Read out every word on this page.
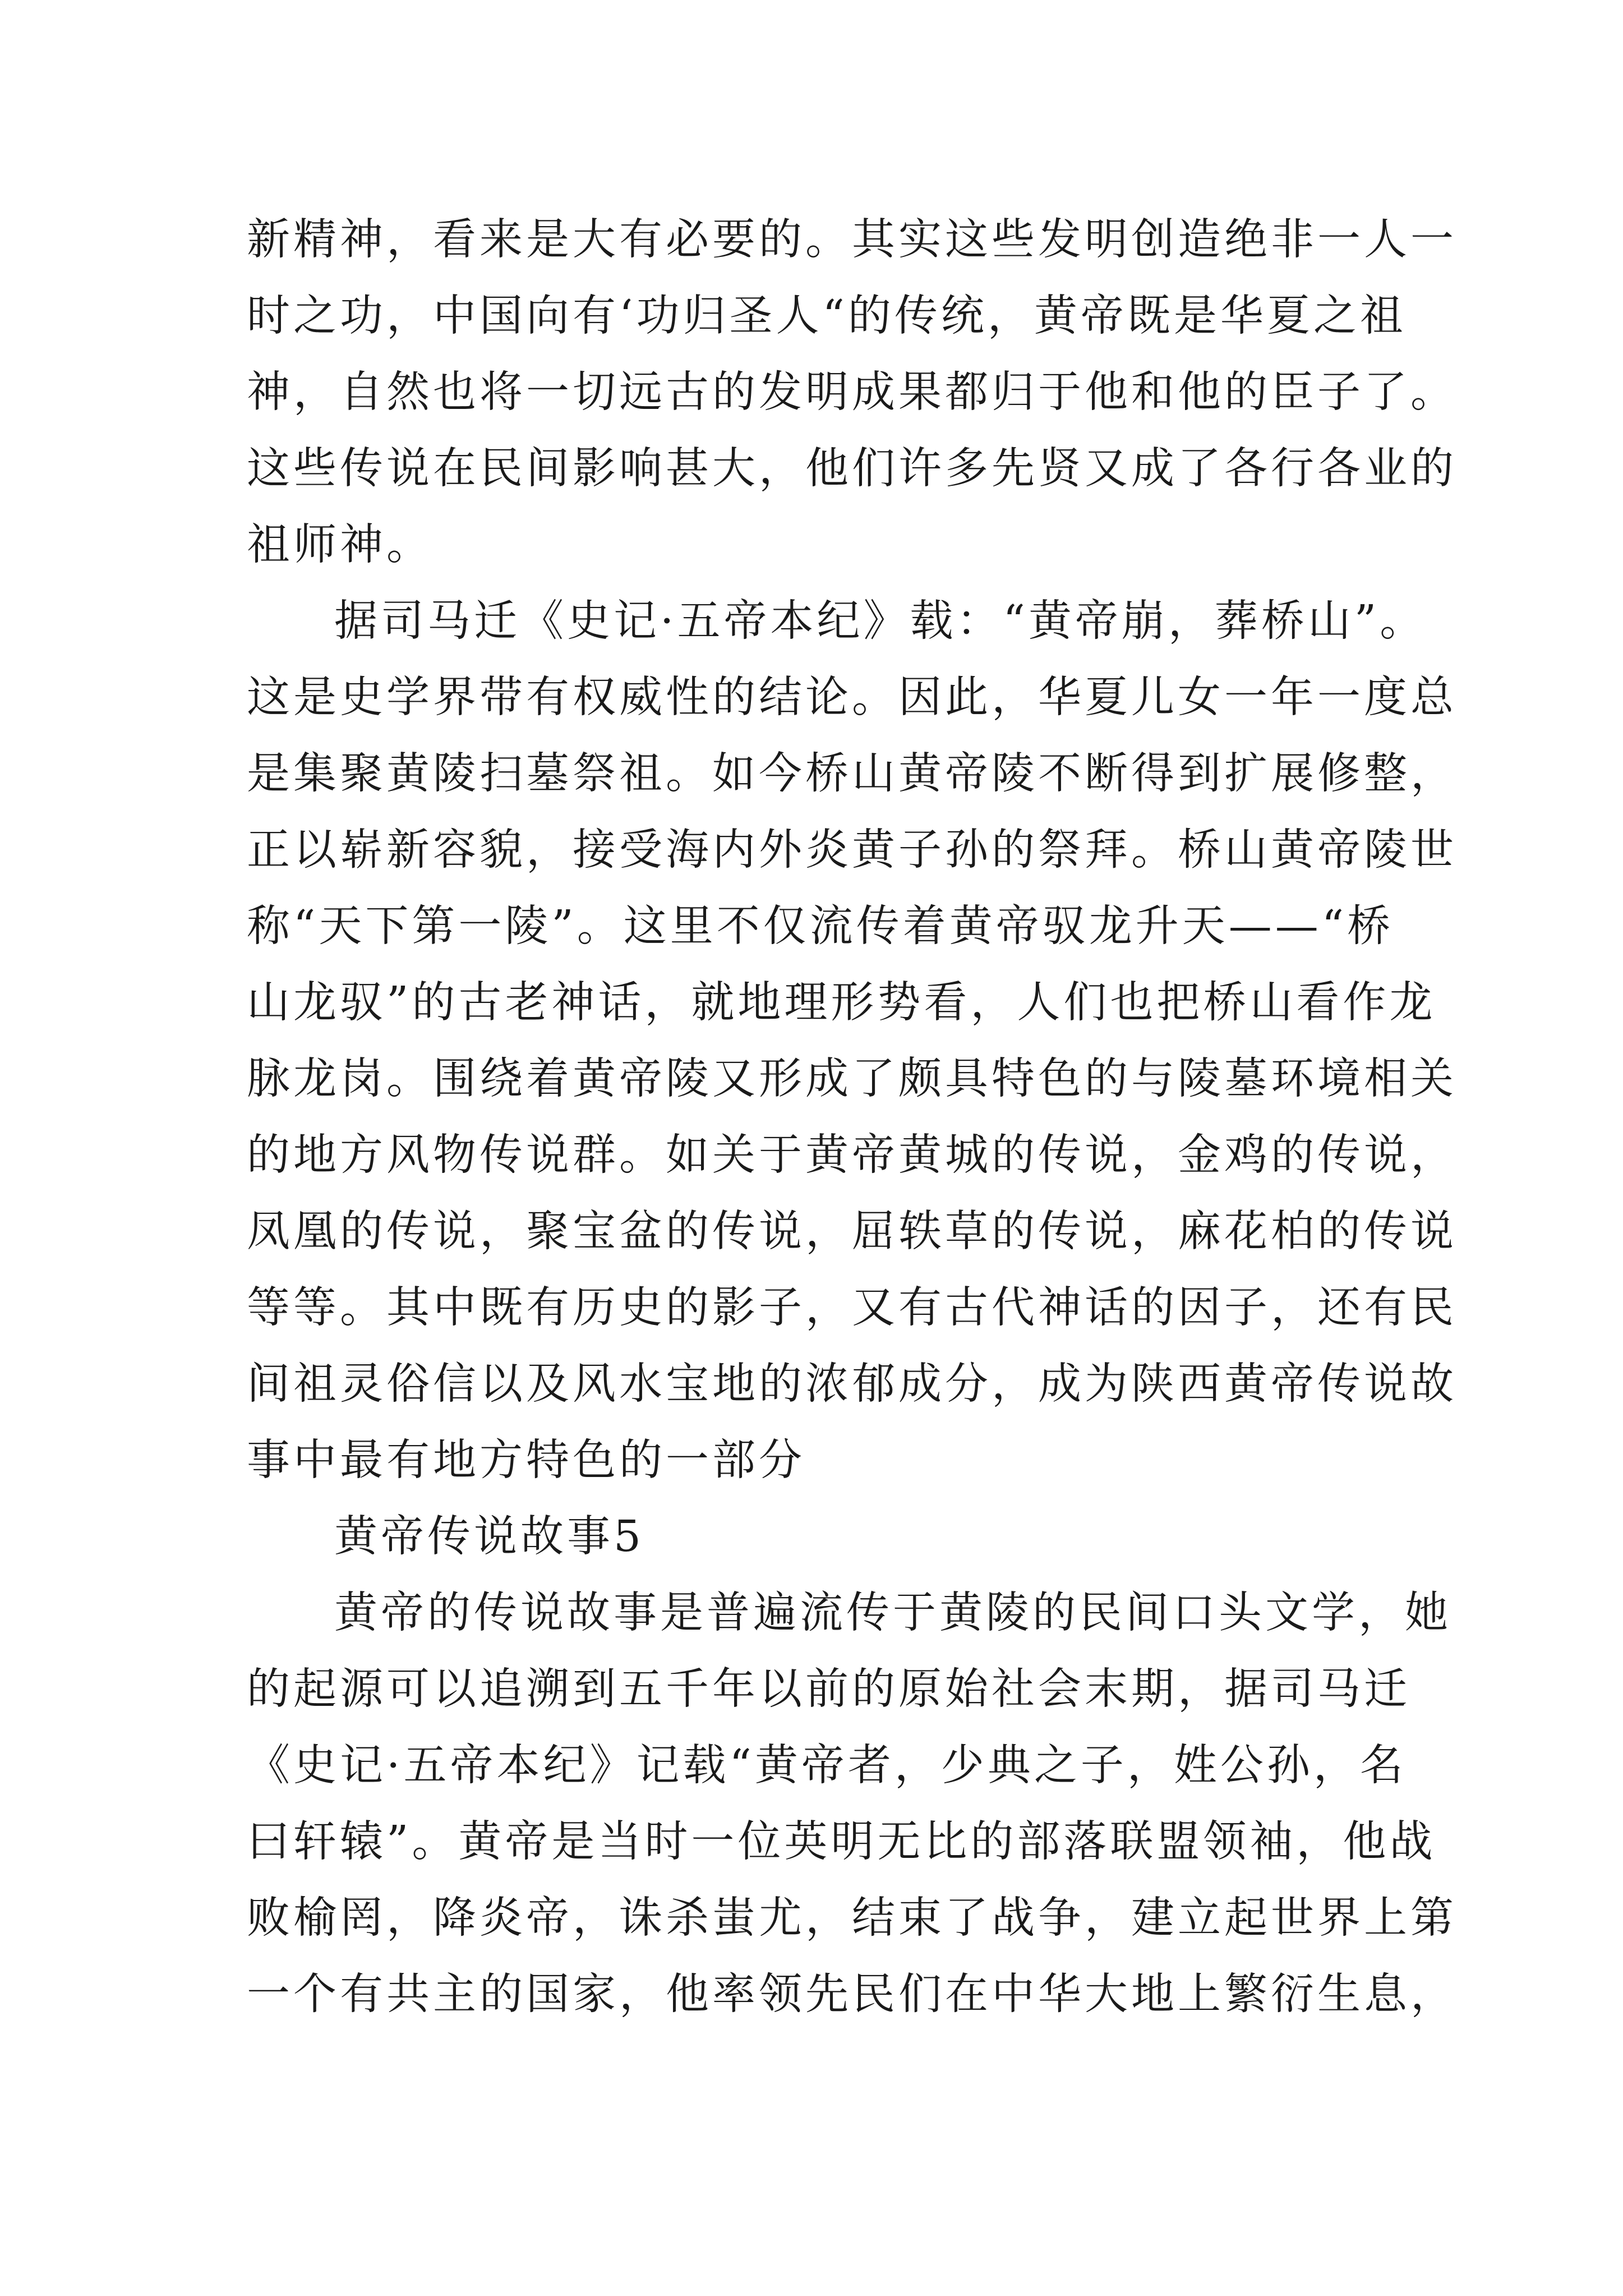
新精神，看来是大有必要的。其实这些发明创造绝非一人一
时之功，中国向有‘功归圣人“的传统，黄帝既是华夏之祖
神，自然也将一切远古的发明成果都归于他和他的臣子了。
这些传说在民间影响甚大，他们许多先贤又成了各行各业的
祖师神。
据司马迁《史记·五帝本纪》载：“黄帝崩，葬桥山”。
这是史学界带有权威性的结论。因此，华夏儿女一年一度总
是集聚黄陵扫墓祭祖。如今桥山黄帝陵不断得到扩展修整，
正以崭新容貌，接受海内外炎黄子孙的祭拜。桥山黄帝陵世
称“天下第一陵”。这里不仅流传着黄帝驭龙升天——“桥
山龙驭”的古老神话，就地理形势看，人们也把桥山看作龙
脉龙岗。围绕着黄帝陵又形成了颇具特色的与陵墓环境相关
的地方风物传说群。如关于黄帝黄城的传说，金鸡的传说，
凤凰的传说，聚宝盆的传说，屈轶草的传说，麻花柏的传说
等等。其中既有历史的影子，又有古代神话的因子，还有民
间祖灵俗信以及风水宝地的浓郁成分，成为陕西黄帝传说故
事中最有地方特色的一部分
黄帝传说故事5
黄帝的传说故事是普遍流传于黄陵的民间口头文学，她
的起源可以追溯到五千年以前的原始社会末期，据司马迁
《史记·五帝本纪》记载“黄帝者，少典之子，姓公孙，名
曰轩辕”。黄帝是当时一位英明无比的部落联盟领袖，他战
败榆罔，降炎帝，诛杀蚩尤，结束了战争，建立起世界上第
一个有共主的国家，他率领先民们在中华大地上繁衍生息，
